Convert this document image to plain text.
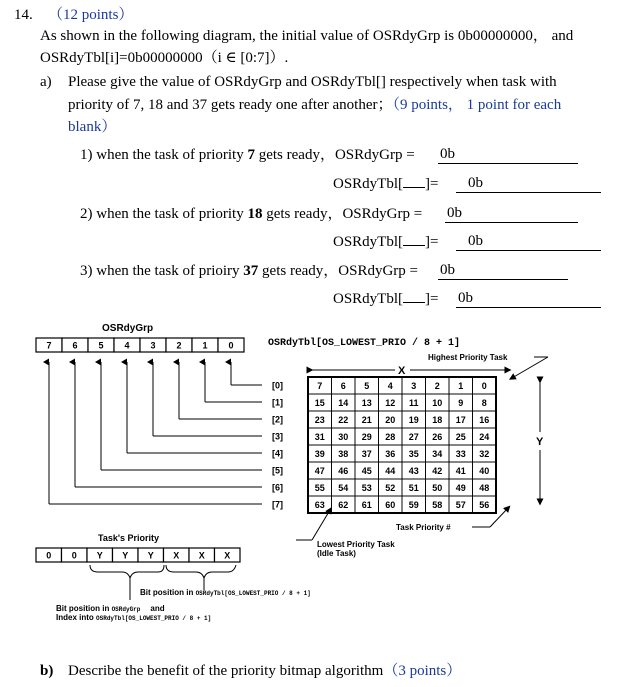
14. （12 points）
As shown in the following diagram, the initial value of OSRdyGrp is 0b00000000， and
OSRdyTbl[i]=0b00000000（i ∈ [0:7]）.
a) Please give the value of OSRdyGrp and OSRdyTbl[] respectively when task with
priority of 7, 18 and 37 gets ready one after another；（9 points， 1 point for each
blank）
1) when the task of priority 7 gets ready，OSRdyGrp = 0b
OSRdyTbl[ ]= 0b
2) when the task of priority 18 gets ready，OSRdyGrp = 0b
OSRdyTbl[ ]= 0b
3) when the task of prioiry 37 gets ready，OSRdyGrp = 0b
OSRdyTbl[ ]= 0b
OSRdyGrp
7 6 5 4 3 2 1 0	OSRdyTbl[OS_LOWEST_PRIO / 8 + 1]
Highest Priority Task
X
Y
[0]
[1]
[2]
[3]
[4]
[5]
[6]
[7]
7 6 5 4 3 2 1 0
15 14 13 12 11 10 9 8
23 22 21 20 19 18 17 16
31 30 29 28 27 26 25 24
39 38 37 36 35 34 33 32
47 46 45 44 43 42 41 40
55 54 53 52 51 50 49 48
63 62 61 60 59 58 57 56
Task Priority #
Lowest Priority Task
(Idle Task)
Task's Priority
0 0 Y Y Y X X X
Bit position in OSRdyTbl[OS_LOWEST_PRIO / 8 + 1]
Bit position in OSRdyGrp and
Index into OSRdyTbl[OS_LOWEST_PRIO / 8 + 1]
b) Describe the benefit of the priority bitmap algorithm（3 points）
